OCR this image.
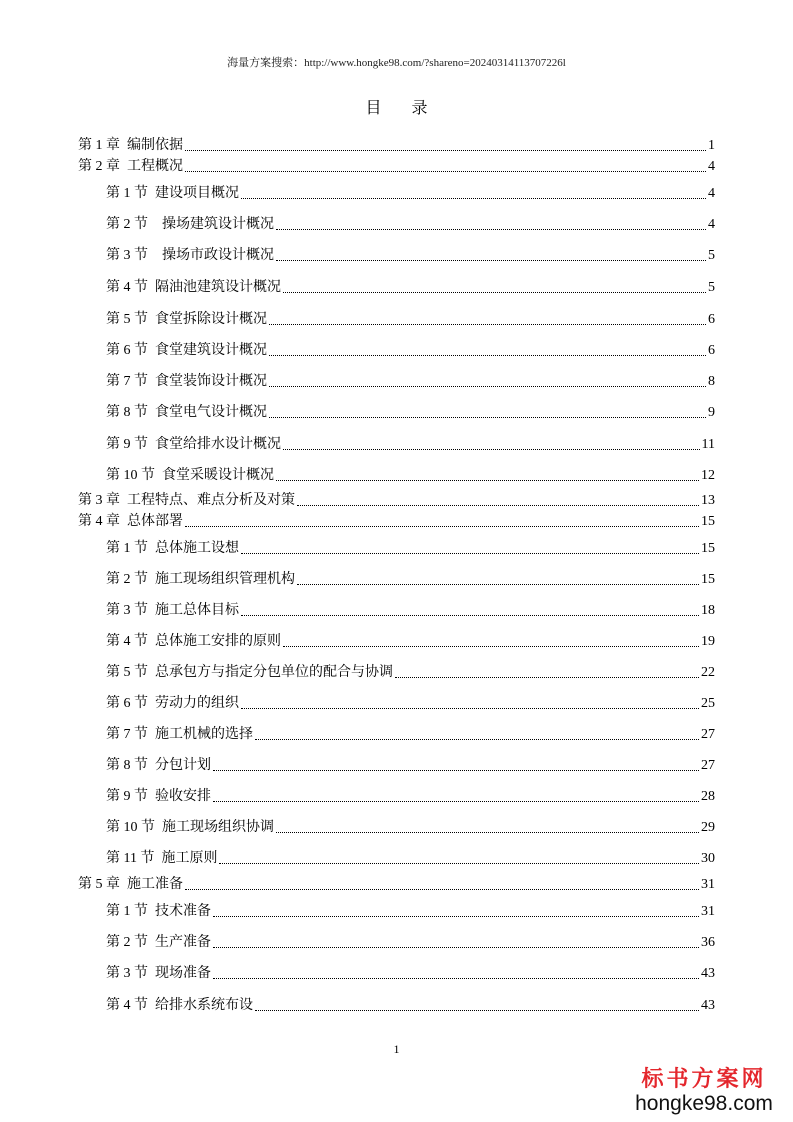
海量方案搜索：http://www.hongke98.com/?shareno=20240314113707226l
目 录
第 1 章  编制依据	1
第 2 章  工程概况	4
第 1 节  建设项目概况	4
第 2 节    操场建筑设计概况	4
第 3 节    操场市政设计概况	5
第 4 节  隔油池建筑设计概况	5
第 5 节  食堂拆除设计概况	6
第 6 节  食堂建筑设计概况	6
第 7 节  食堂装饰设计概况	8
第 8 节  食堂电气设计概况	9
第 9 节  食堂给排水设计概况	11
第 10 节  食堂采暖设计概况	12
第 3 章  工程特点、难点分析及对策	13
第 4 章  总体部署	15
第 1 节  总体施工设想	15
第 2 节  施工现场组织管理机构	15
第 3 节  施工总体目标	18
第 4 节  总体施工安排的原则	19
第 5 节  总承包方与指定分包单位的配合与协调	22
第 6 节  劳动力的组织	25
第 7 节  施工机械的选择	27
第 8 节  分包计划	27
第 9 节  验收安排	28
第 10 节  施工现场组织协调	29
第 11 节  施工原则	30
第 5 章  施工准备	31
第 1 节  技术准备	31
第 2 节  生产准备	36
第 3 节  现场准备	43
第 4 节  给排水系统布设	43
1
标书方案网
hongke98.com
